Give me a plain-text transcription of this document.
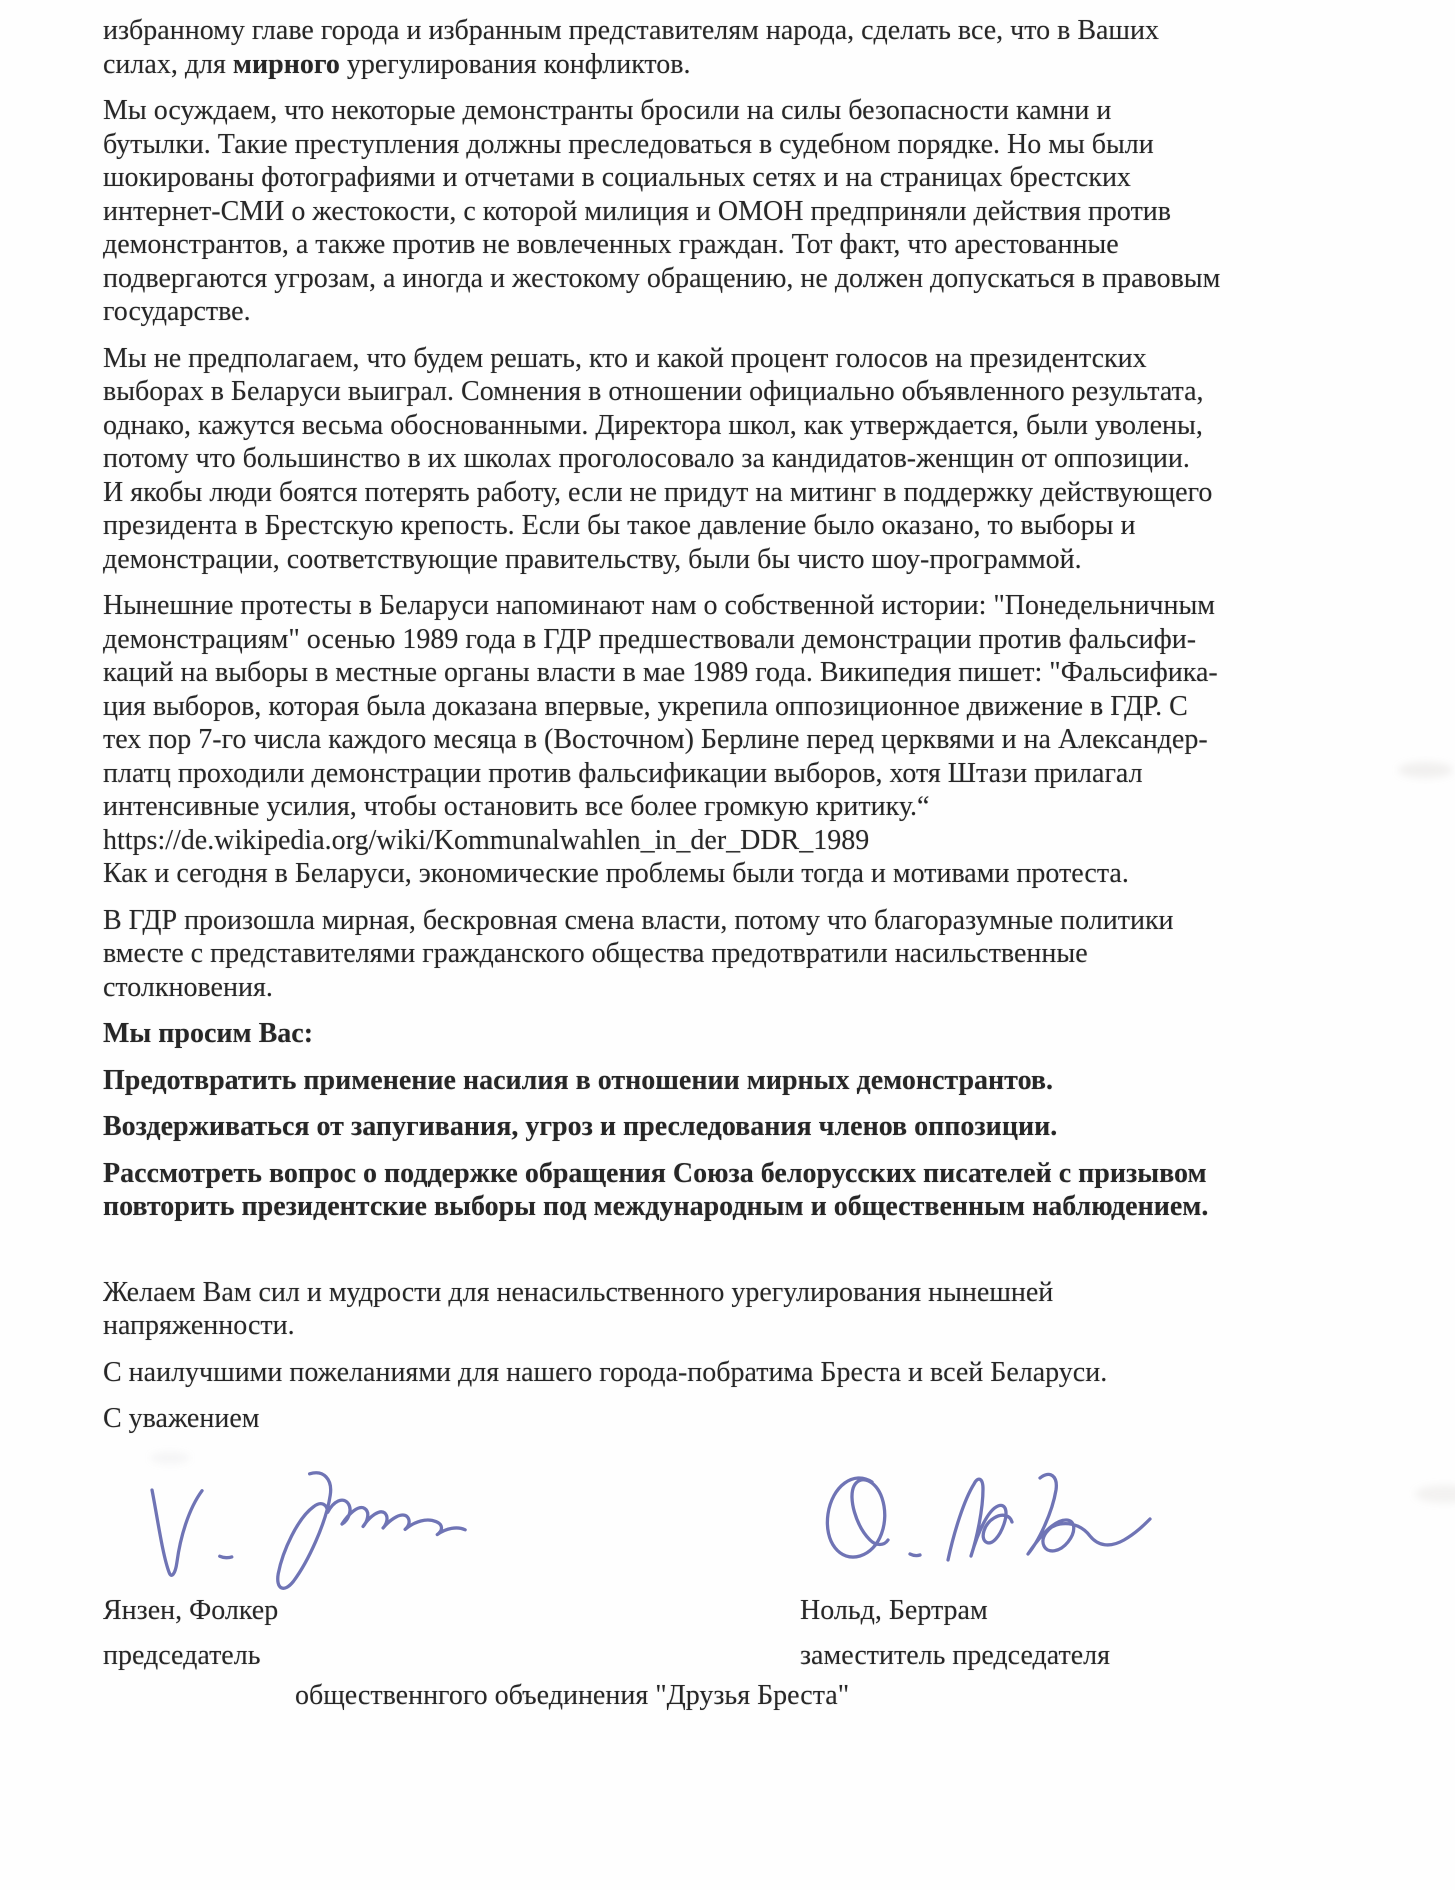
избранному главе города и избранным представителям народа, сделать все, что в Ваших
силах, для мирного урегулирования конфликтов.

Мы осуждаем, что некоторые демонстранты бросили на силы безопасности камни и
бутылки. Такие преступления должны преследоваться в судебном порядке. Но мы были
шокированы фотографиями и отчетами в социальных сетях и на страницах брестских
интернет-СМИ о жестокости, с которой милиция и ОМОН предприняли действия против
демонстрантов, а также против не вовлеченных граждан. Тот факт, что арестованные
подвергаются угрозам, а иногда и жестокому обращению, не должен допускаться в правовым
государстве.
Мы не предполагаем, что будем решать, кто и какой процент голосов на президентских
выборах в Беларуси выиграл. Сомнения в отношении официально объявленного результата,
однако, кажутся весьма обоснованными. Директора школ, как утверждается, были уволены,
потому что большинство в их школах проголосовало за кандидатов-женщин от оппозиции.
И якобы люди боятся потерять работу, если не придут на митинг в поддержку действующего
президента в Брестскую крепость. Если бы такое давление было оказано, то выборы и
демонстрации, соответствующие правительству, были бы чисто шоу-программой.
Нынешние протесты в Беларуси напоминают нам о собственной истории: "Понедельничным
демонстрациям" осенью 1989 года в ГДР предшествовали демонстрации против фальсифи-
каций на выборы в местные органы власти в мае 1989 года. Википедия пишет: "Фальсифика-
ция выборов, которая была доказана впервые, укрепила оппозиционное движение в ГДР. С
тех пор 7-го числа каждого месяца в (Восточном) Берлине перед церквями и на Александер-
платц проходили демонстрации против фальсификации выборов, хотя Штази прилагал
интенсивные усилия, чтобы остановить все более громкую критику.“
https://de.wikipedia.org/wiki/Kommunalwahlen_in_der_DDR_1989
Как и сегодня в Беларуси, экономические проблемы были тогда и мотивами протеста.
В ГДР произошла мирная, бескровная смена власти, потому что благоразумные политики
вместе с представителями гражданского общества предотвратили насильственные
столкновения.

Мы просим Вас:

Предотвратить применение насилия в отношении мирных демонстрантов.

Воздерживаться от запугивания, угроз и преследования членов оппозиции.

Рассмотреть вопрос о поддержке обращения Союза белорусских писателей с призывом
повторить президентские выборы под международным и общественным наблюдением.
Желаем Вам сил и мудрости для ненасильственного урегулирования нынешней
напряженности.

С наилучшими пожеланиями для нашего города-побратима Бреста и всей Беларуси.

С уважением

Янзен, Фолкер
председатель
Нольд, Бертрам
заместитель председателя
общественнгого объединения "Друзья Бреста"
